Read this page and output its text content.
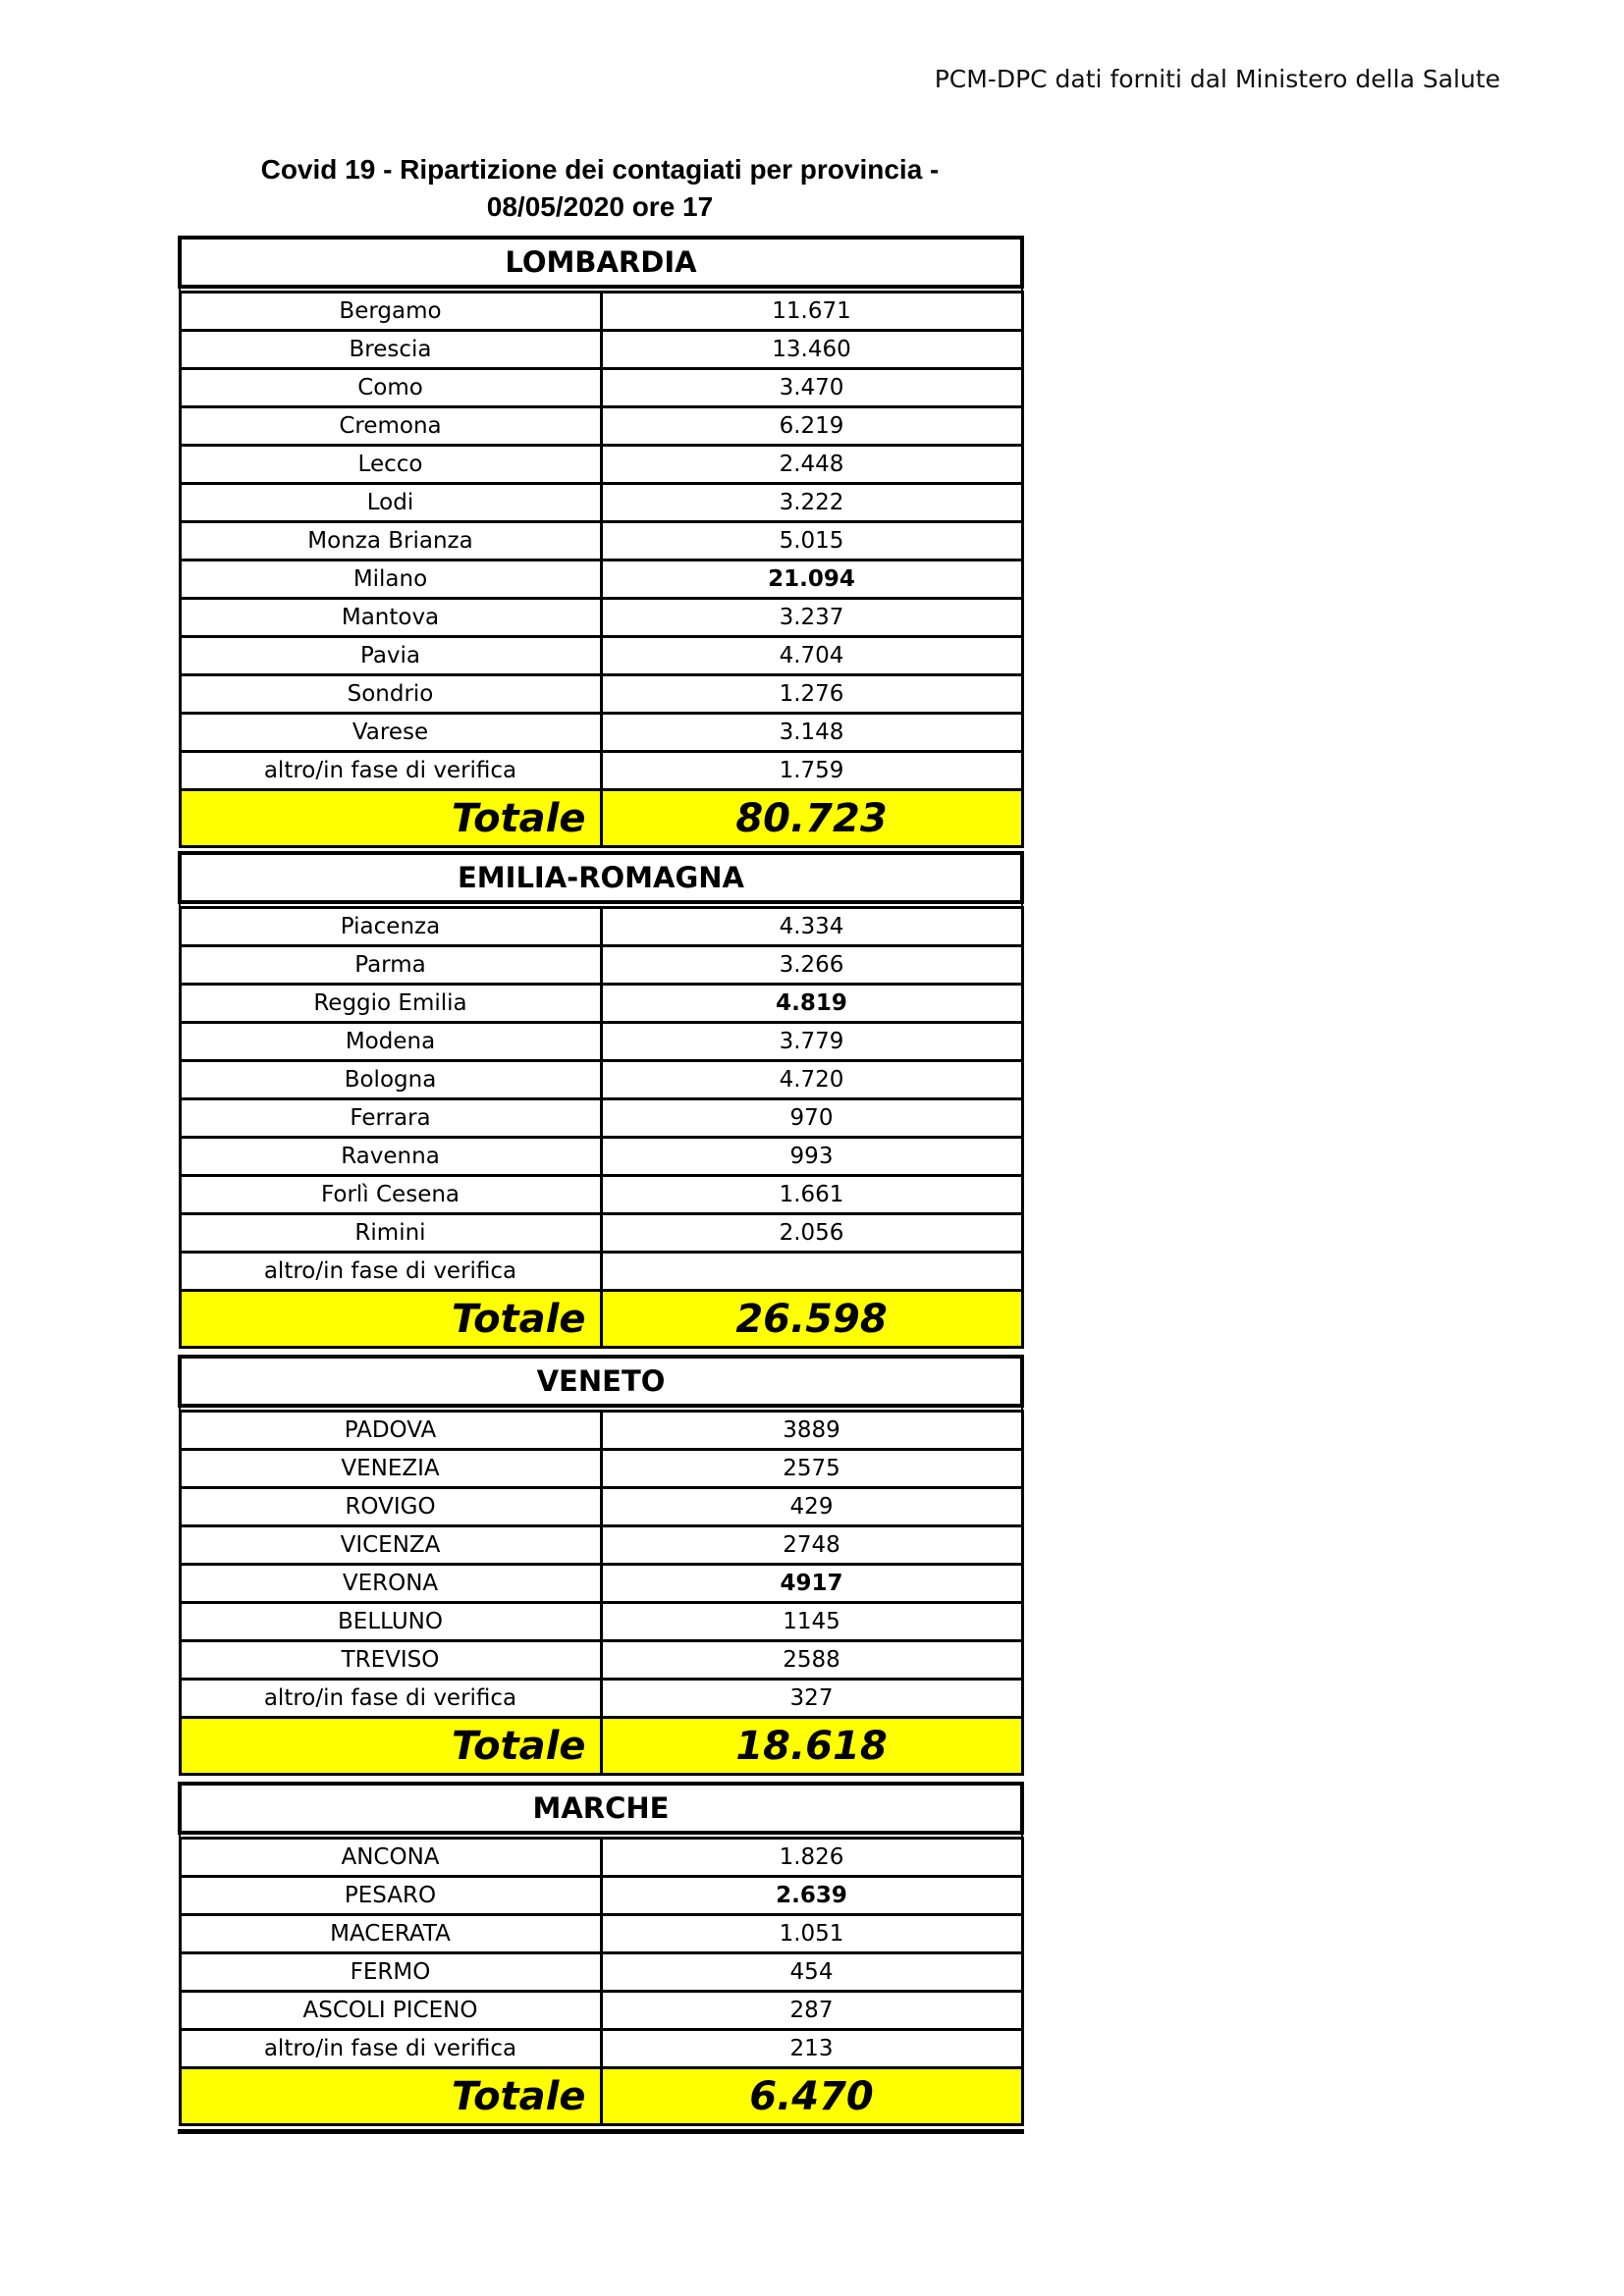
PCM-DPC dati forniti dal Ministero della Salute
Covid 19 - Ripartizione dei contagiati per provincia -
08/05/2020 ore 17
LOMBARDIA	

Bergamo	11.671
Brescia	13.460
Como	3.470
Cremona	6.219
Lecco	2.448
Lodi	3.222
Monza Brianza	5.015
Milano	21.094
Mantova	3.237
Pavia	4.704
Sondrio	1.276
Varese	3.148
altro/in fase di verifica	1.759
Totale	80.723
EMILIA-ROMAGNA	

Piacenza	4.334
Parma	3.266
Reggio Emilia	4.819
Modena	3.779
Bologna	4.720
Ferrara	970
Ravenna	993
Forlì Cesena	1.661
Rimini	2.056
altro/in fase di verifica	
Totale	26.598
VENETO	

PADOVA	3889
VENEZIA	2575
ROVIGO	429
VICENZA	2748
VERONA	4917
BELLUNO	1145
TREVISO	2588
altro/in fase di verifica	327
Totale	18.618
MARCHE	

ANCONA	1.826
PESARO	2.639
MACERATA	1.051
FERMO	454
ASCOLI PICENO	287
altro/in fase di verifica	213
Totale	6.470
